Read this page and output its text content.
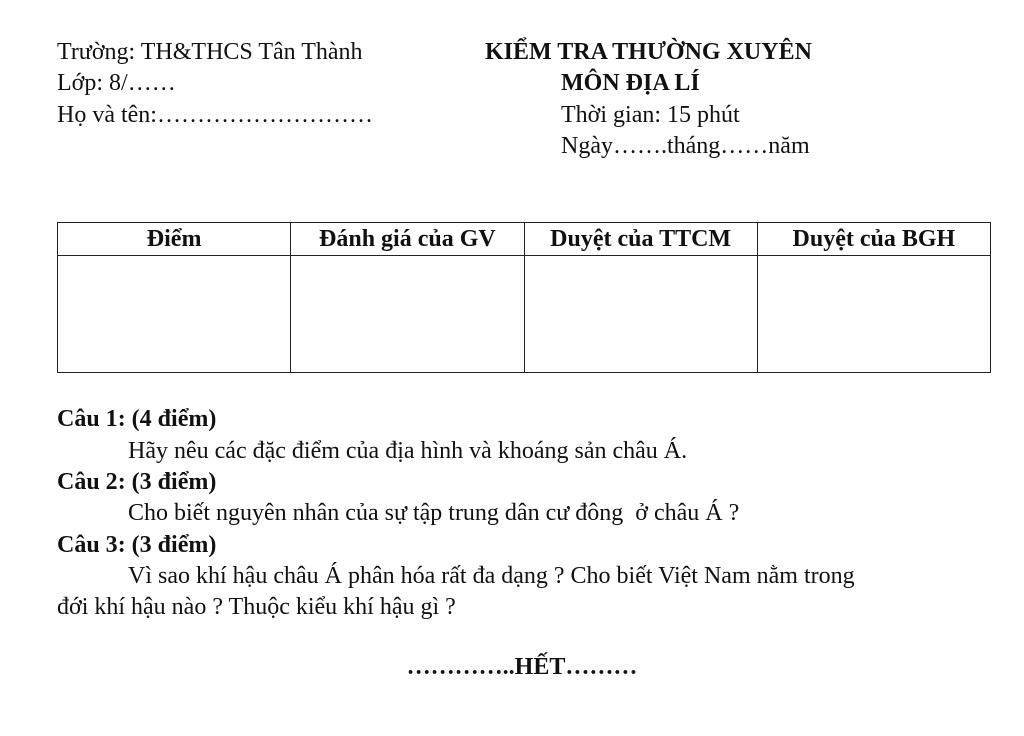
Trường: TH&THCS Tân Thành
Lớp: 8/……
Họ và tên:………………………
KIỂM TRA THƯỜNG XUYÊN
MÔN ĐỊA LÍ
Thời gian: 15 phút
Ngày…….tháng……năm
Điểm	Đánh giá của GV	Duyệt của TTCM	Duyệt của BGH

Câu 1: (4 điểm)
Hãy nêu các đặc điểm của địa hình và khoáng sản châu Á.
Câu 2: (3 điểm)
Cho biết nguyên nhân của sự tập trung dân cư đông  ở châu Á ?
Câu 3: (3 điểm)
Vì sao khí hậu châu Á phân hóa rất đa dạng ? Cho biết Việt Nam nằm trong
đới khí hậu nào ? Thuộc kiểu khí hậu gì ?
…………..HẾT………
